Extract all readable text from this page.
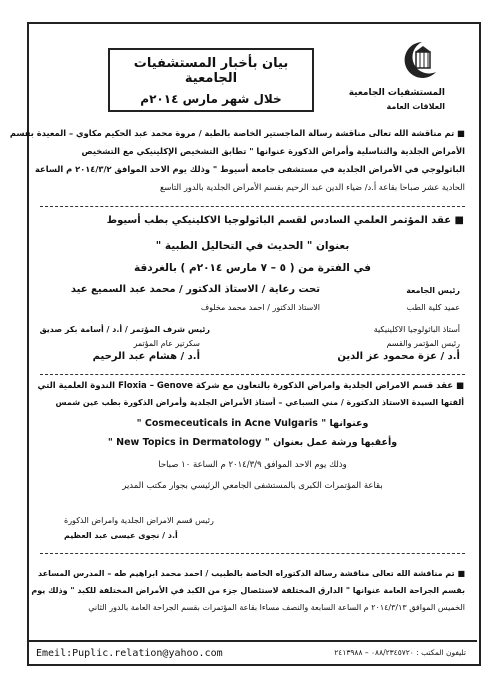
المستشفيات الجامعية
العلاقات العامة
بيان بأخبار المستشفيات الجامعية
خلال شهر مارس ٢٠١٤م
■ تم مناقشة الله تعالى مناقشة رسالة الماجستير الخاصة بالطبة / مروة محمد عبد الحكيم مكاوي – المعيدة بقسم
الأمراض الجلدية والتناسلية وأمراض الذكورة عنوانها " تطابق التشخيص الإكلينيكي مع التشخيص
الباثولوجي في الأمراض الجلدية في مستشفى جامعة أسيوط " وذلك يوم الاحد الموافق ٢٠١٤/٣/٢ م الساعة
الحادية عشر صباحا بقاعة أ.د/ ضياء الدين عبد الرحيم بقسم الأمراض الجلدية بالدور التاسع
■ عقد المؤتمر العلمي السادس لقسم الباثولوجيا الاكلينيكي بطب أسيوط
بعنوان " الحديث في التحاليل الطبية "
في الفترة من ( ٥ – ٧ مارس ٢٠١٤م ) بالغردقة
تحت رعاية / الاستاذ الدكتور / محمد عبد السميع عيد	رئيس الجامعة
الاستاذ الدكتور / احمد محمد مخلوف	عميد كلية الطب
رئيس شرف المؤتمر / أ.د / أسامة بكر صديق	أستاذ الباثولوجيا الاكلينيكية
سكرتير عام المؤتمر	رئيس المؤتمر والقسم
أ.د / هشام عبد الرحيم	أ.د / عزة محمود عز الدين
■ عقد قسم الامراض الجلدية وامراض الذكورة بالتعاون مع شركة Floxia – Genove الندوة العلمية التي
ألقتها السيدة الاستاذ الدكتورة / مني السباعي – أستاذ الأمراض الجلدية وأمراض الذكورة بطب عين شمس
وعنوانها " Cosmeceuticals in Acne Vulgaris "
وأعقبها ورشة عمل بعنوان " New Topics in Dermatology "
وذلك يوم الاحد الموافق ٢٠١٤/٣/٩ م الساعة ١٠ صباحا
بقاعة المؤتمرات الكبرى بالمستشفى الجامعي الرئيسي بجوار مكتب المدير
رئيس قسم الامراض الجلدية وامراض الذكورة
أ.د / نجوى عيسى عبد العظيم
■ تم مناقشة الله تعالى مناقشة رسالة الدكتوراه الخاصة بالطبيب / احمد محمد ابراهيم طه – المدرس المساعد
بقسم الجراحة العامة عنوانها " الدارق المختلفة لاستئصال جزء من الكبد في الأمراض المختلفة للكبد " وذلك يوم
الخميس الموافق ٢٠١٤/٣/١٣ م الساعة السابعة والنصف مساءا بقاعة المؤتمرات بقسم الجراحة العامة بالدور الثاني
Emeil:Puplic.relation@yahoo.com	تليفون المكتب : ٠٨٨/٢٣٤٥٧٢٠ – ٢٤١٣٩٨٨
